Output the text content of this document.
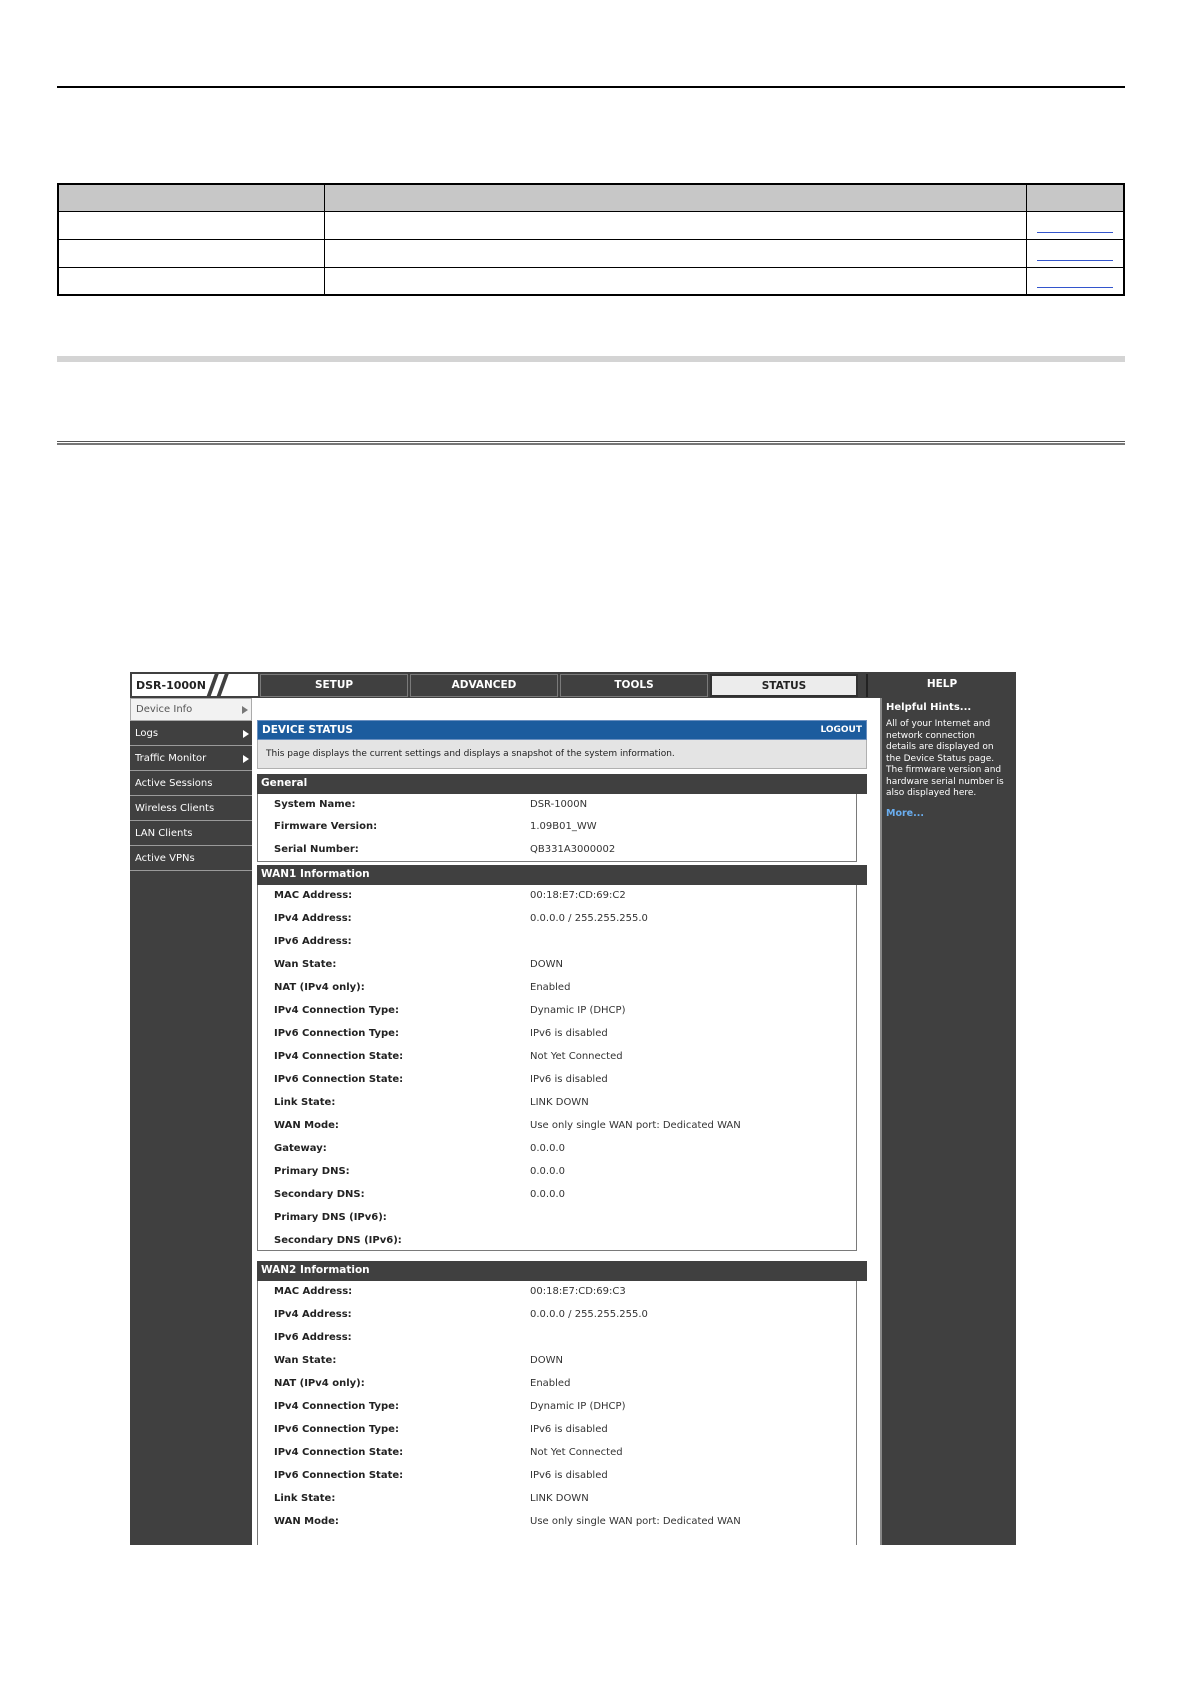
DSR-1000N	SETUP	ADVANCED	TOOLS	STATUS	HELP
Device Info
Logs
Traffic Monitor
Active Sessions
Wireless Clients
LAN Clients
Active VPNs
DEVICE STATUS	LOGOUT
This page displays the current settings and displays a snapshot of the system information.
General
System Name:	DSR-1000N
Firmware Version:	1.09B01_WW
Serial Number:	QB331A3000002
WAN1 Information
MAC Address:	00:18:E7:CD:69:C2
IPv4 Address:	0.0.0.0 / 255.255.255.0
IPv6 Address:
Wan State:	DOWN
NAT (IPv4 only):	Enabled
IPv4 Connection Type:	Dynamic IP (DHCP)
IPv6 Connection Type:	IPv6 is disabled
IPv4 Connection State:	Not Yet Connected
IPv6 Connection State:	IPv6 is disabled
Link State:	LINK DOWN
WAN Mode:	Use only single WAN port: Dedicated WAN
Gateway:	0.0.0.0
Primary DNS:	0.0.0.0
Secondary DNS:	0.0.0.0
Primary DNS (IPv6):
Secondary DNS (IPv6):
WAN2 Information
MAC Address:	00:18:E7:CD:69:C3
IPv4 Address:	0.0.0.0 / 255.255.255.0
IPv6 Address:
Wan State:	DOWN
NAT (IPv4 only):	Enabled
IPv4 Connection Type:	Dynamic IP (DHCP)
IPv6 Connection Type:	IPv6 is disabled
IPv4 Connection State:	Not Yet Connected
IPv6 Connection State:	IPv6 is disabled
Link State:	LINK DOWN
WAN Mode:	Use only single WAN port: Dedicated WAN
Helpful Hints...
All of your Internet and network connection details are displayed on the Device Status page. The firmware version and hardware serial number is also displayed here.
More...
